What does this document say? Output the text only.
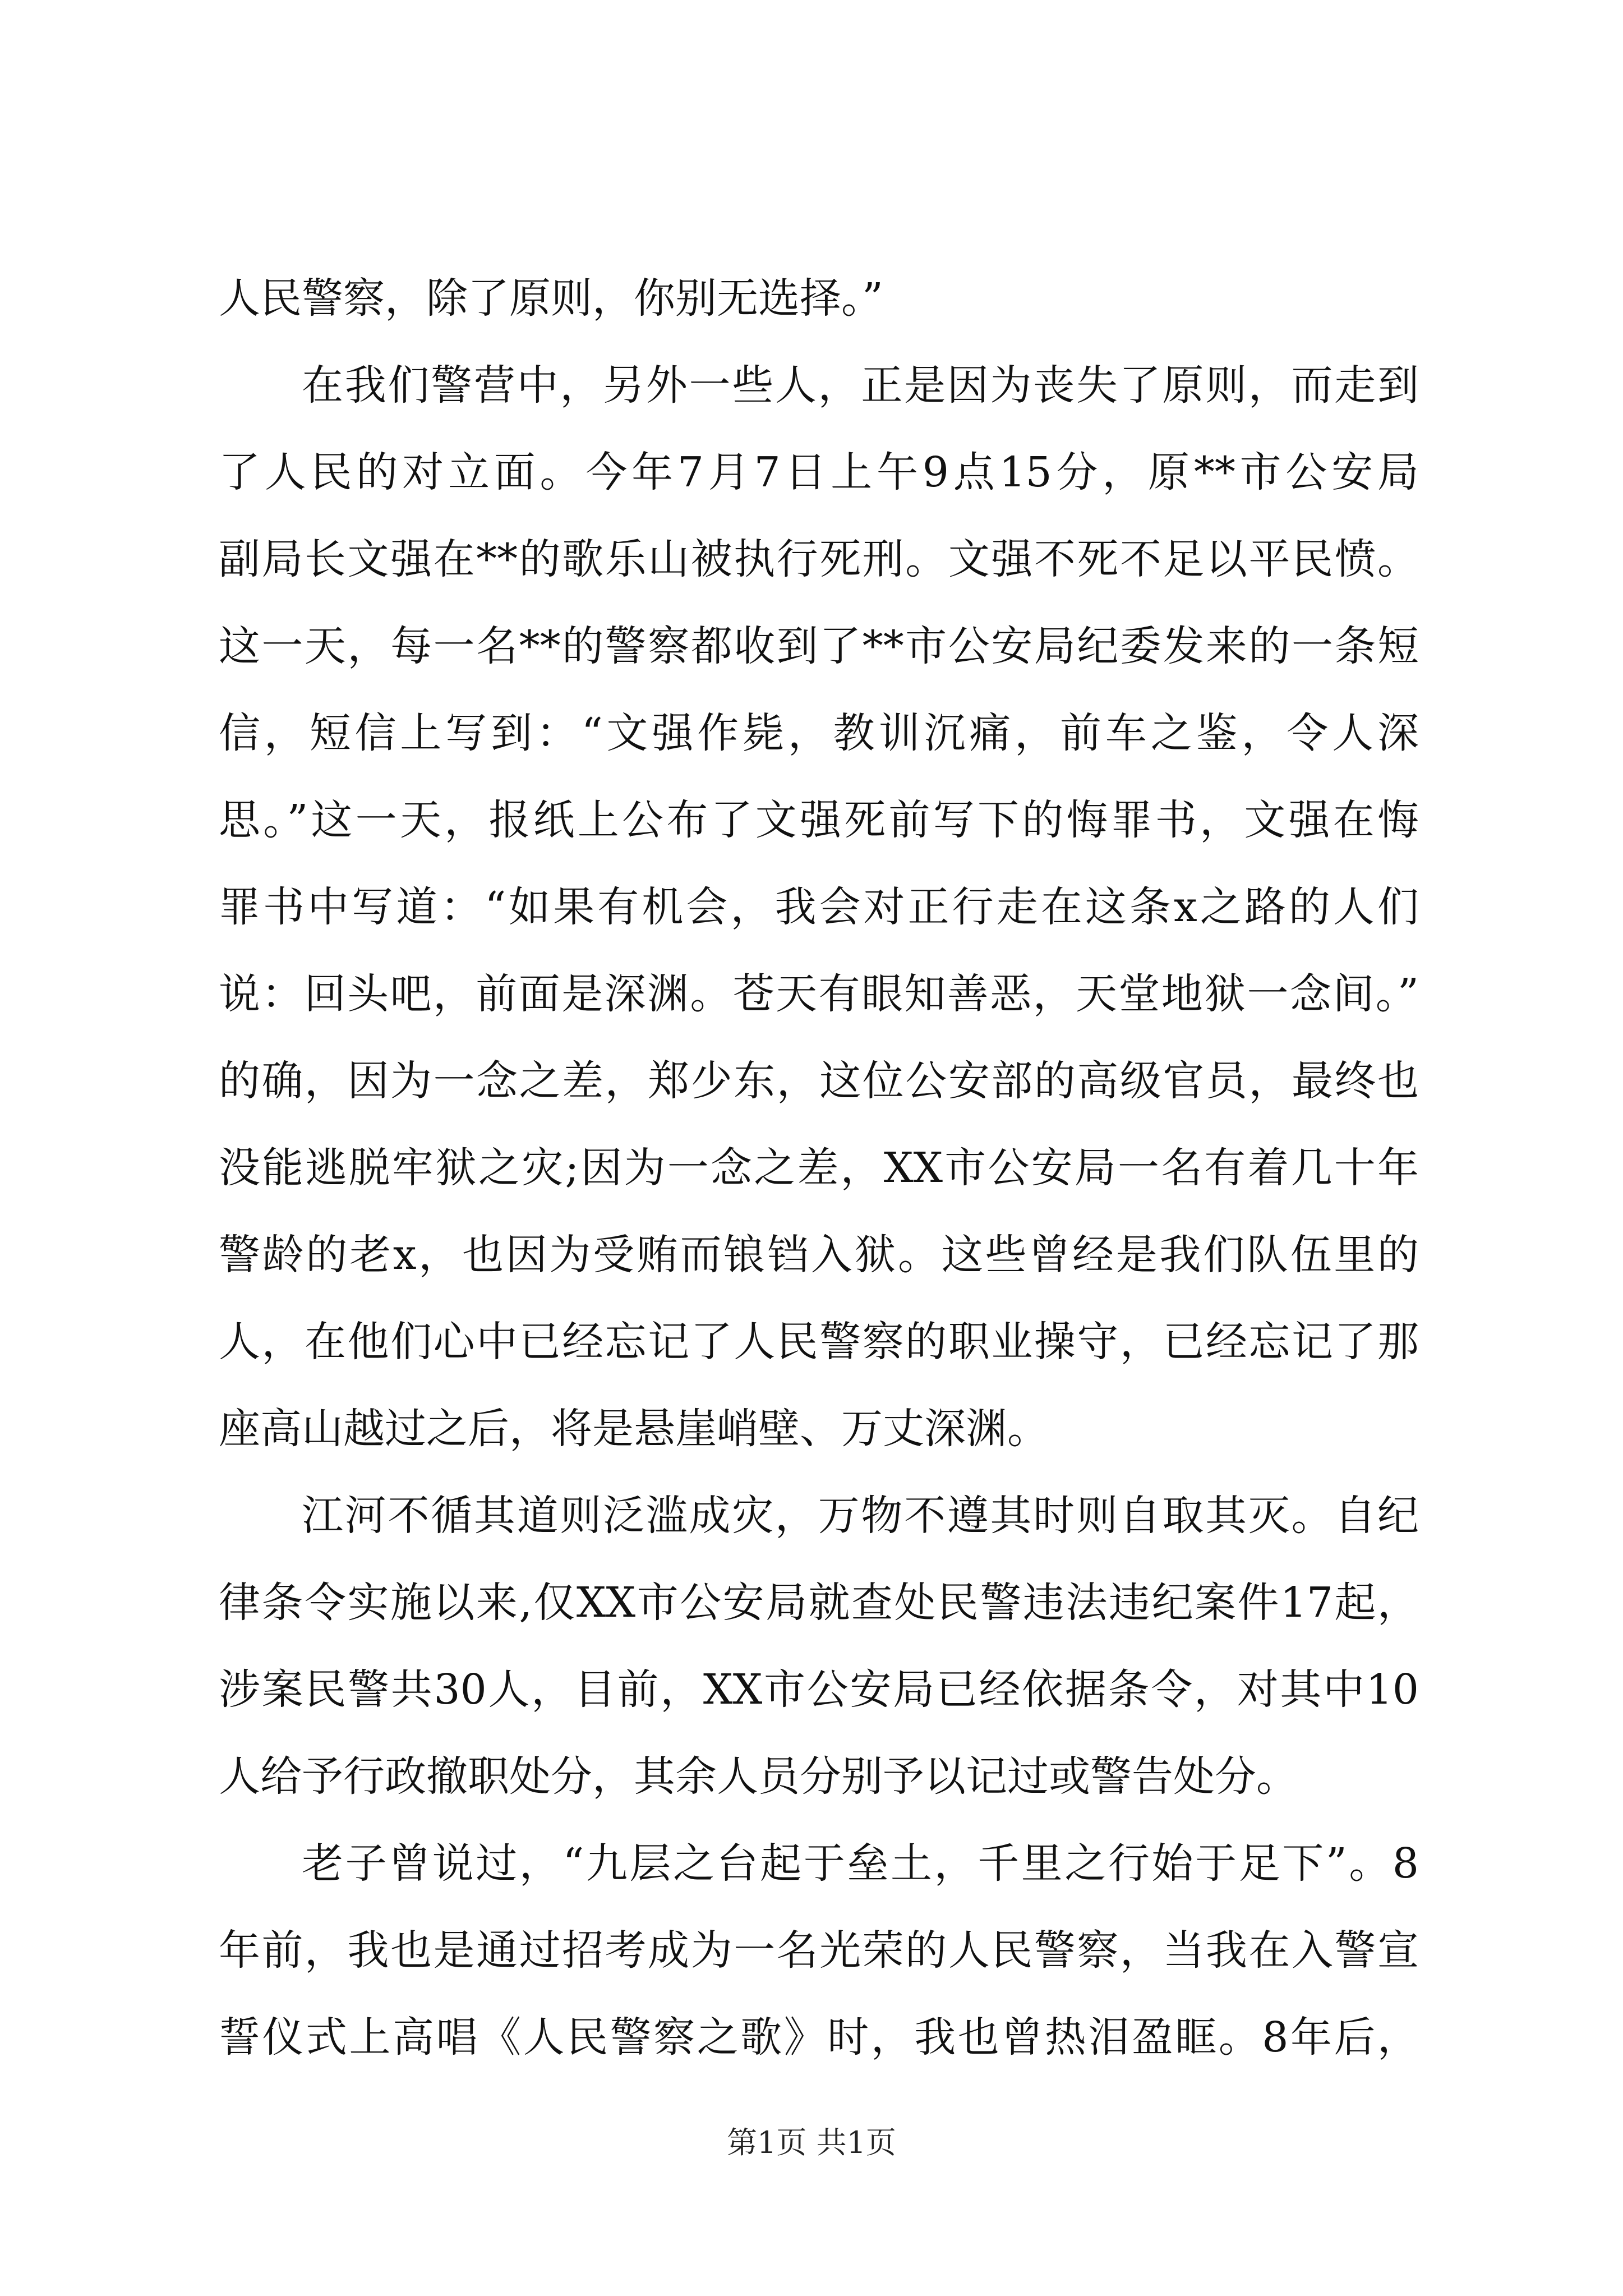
人民警察，除了原则，你别无选择。”
在我们警营中，另外一些人，正是因为丧失了原则，而走到
了人民的对立面。今年7月7日上午9点15分，原**市公安局
副局长文强在**的歌乐山被执行死刑。文强不死不足以平民愤。
这一天，每一名**的警察都收到了**市公安局纪委发来的一条短
信，短信上写到：“文强作毙，教训沉痛，前车之鉴，令人深
思。”这一天，报纸上公布了文强死前写下的悔罪书，文强在悔
罪书中写道：“如果有机会，我会对正行走在这条x之路的人们
说：回头吧，前面是深渊。苍天有眼知善恶，天堂地狱一念间。”
的确，因为一念之差，郑少东，这位公安部的高级官员，最终也
没能逃脱牢狱之灾;因为一念之差，XX市公安局一名有着几十年
警龄的老x，也因为受贿而锒铛入狱。这些曾经是我们队伍里的
人，在他们心中已经忘记了人民警察的职业操守，已经忘记了那
座高山越过之后，将是悬崖峭壁、万丈深渊。
江河不循其道则泛滥成灾，万物不遵其时则自取其灭。自纪
律条令实施以来,仅XX市公安局就查处民警违法违纪案件17起，
涉案民警共30人，目前，XX市公安局已经依据条令，对其中10
人给予行政撤职处分，其余人员分别予以记过或警告处分。
老子曾说过，“九层之台起于垒土，千里之行始于足下”。8
年前，我也是通过招考成为一名光荣的人民警察，当我在入警宣
誓仪式上高唱《人民警察之歌》时，我也曾热泪盈眶。8年后，
第1页 共1页
